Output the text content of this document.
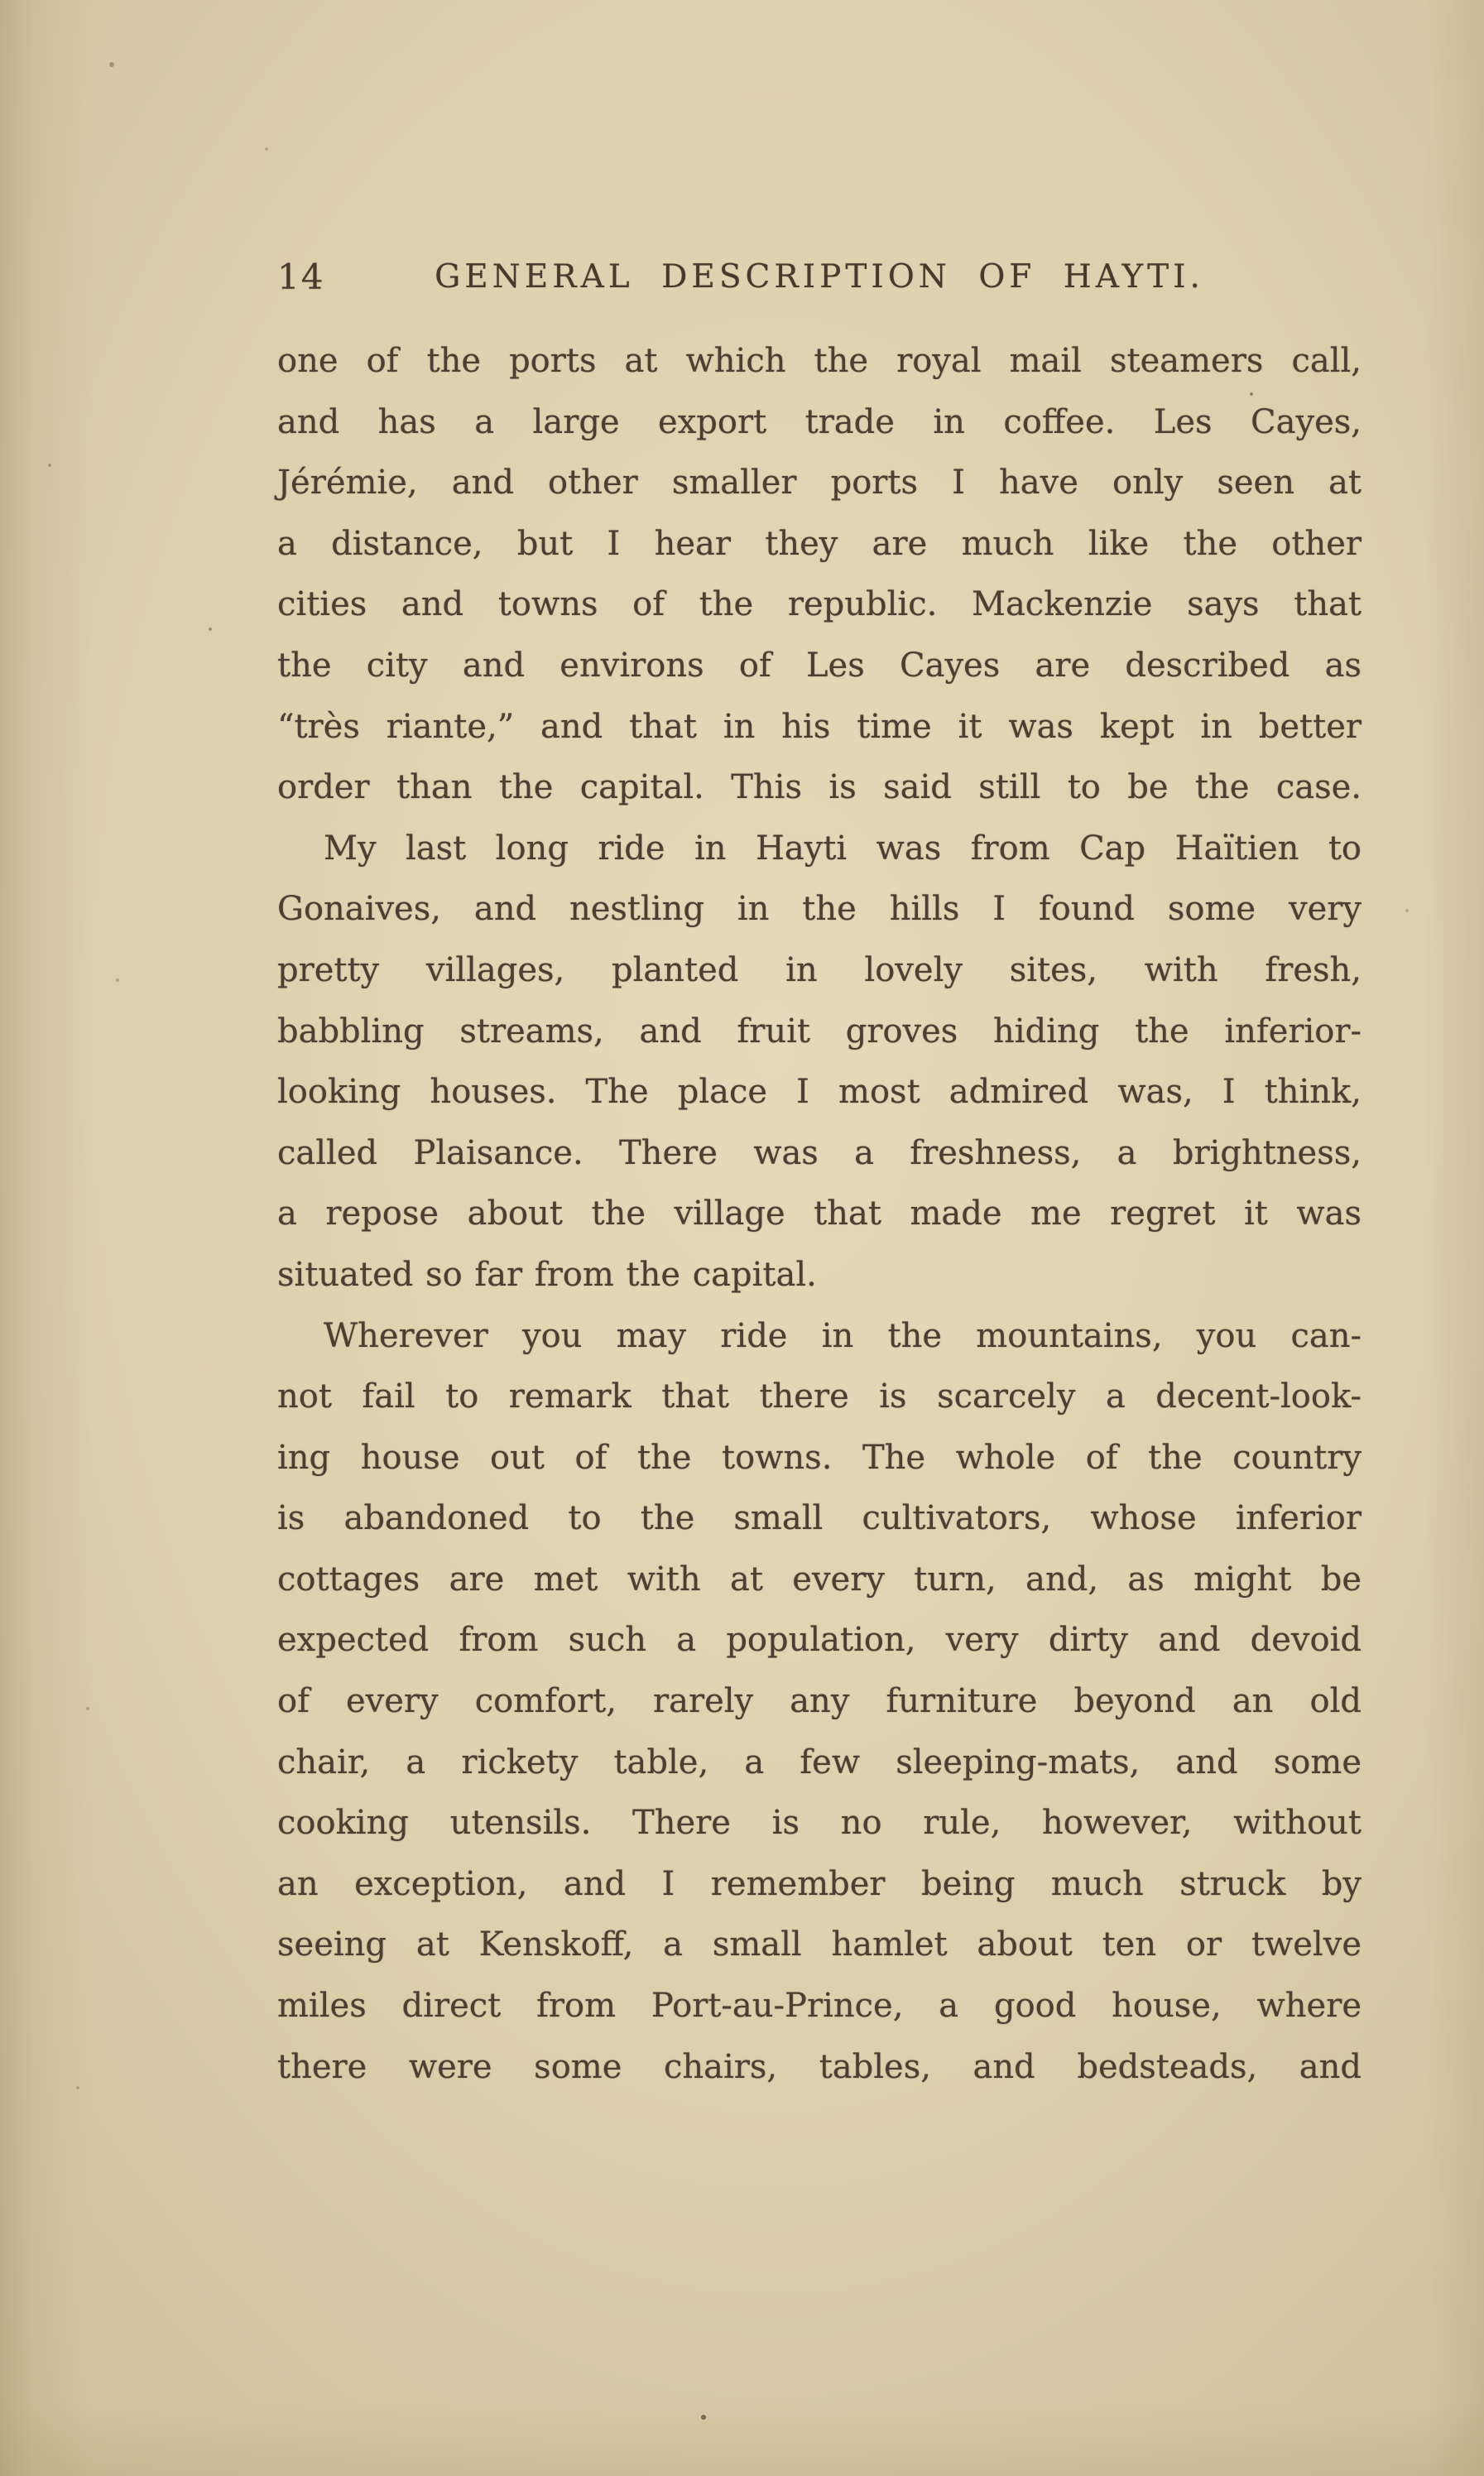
14	GENERAL DESCRIPTION OF HAYTI.
one of the ports at which the royal mail steamers call,
and has a large export trade in coffee. Les Cayes,
Jérémie, and other smaller ports I have only seen at
a distance, but I hear they are much like the other
cities and towns of the republic. Mackenzie says that
the city and environs of Les Cayes are described as
“très riante,” and that in his time it was kept in better
order than the capital. This is said still to be the case.
My last long ride in Hayti was from Cap Haïtien to
Gonaives, and nestling in the hills I found some very
pretty villages, planted in lovely sites, with fresh,
babbling streams, and fruit groves hiding the inferior-
looking houses. The place I most admired was, I think,
called Plaisance. There was a freshness, a brightness,
a repose about the village that made me regret it was
situated so far from the capital.
Wherever you may ride in the mountains, you can-
not fail to remark that there is scarcely a decent-look-
ing house out of the towns. The whole of the country
is abandoned to the small cultivators, whose inferior
cottages are met with at every turn, and, as might be
expected from such a population, very dirty and devoid
of every comfort, rarely any furniture beyond an old
chair, a rickety table, a few sleeping-mats, and some
cooking utensils. There is no rule, however, without
an exception, and I remember being much struck by
seeing at Kenskoff, a small hamlet about ten or twelve
miles direct from Port-au-Prince, a good house, where
there were some chairs, tables, and bedsteads, and
